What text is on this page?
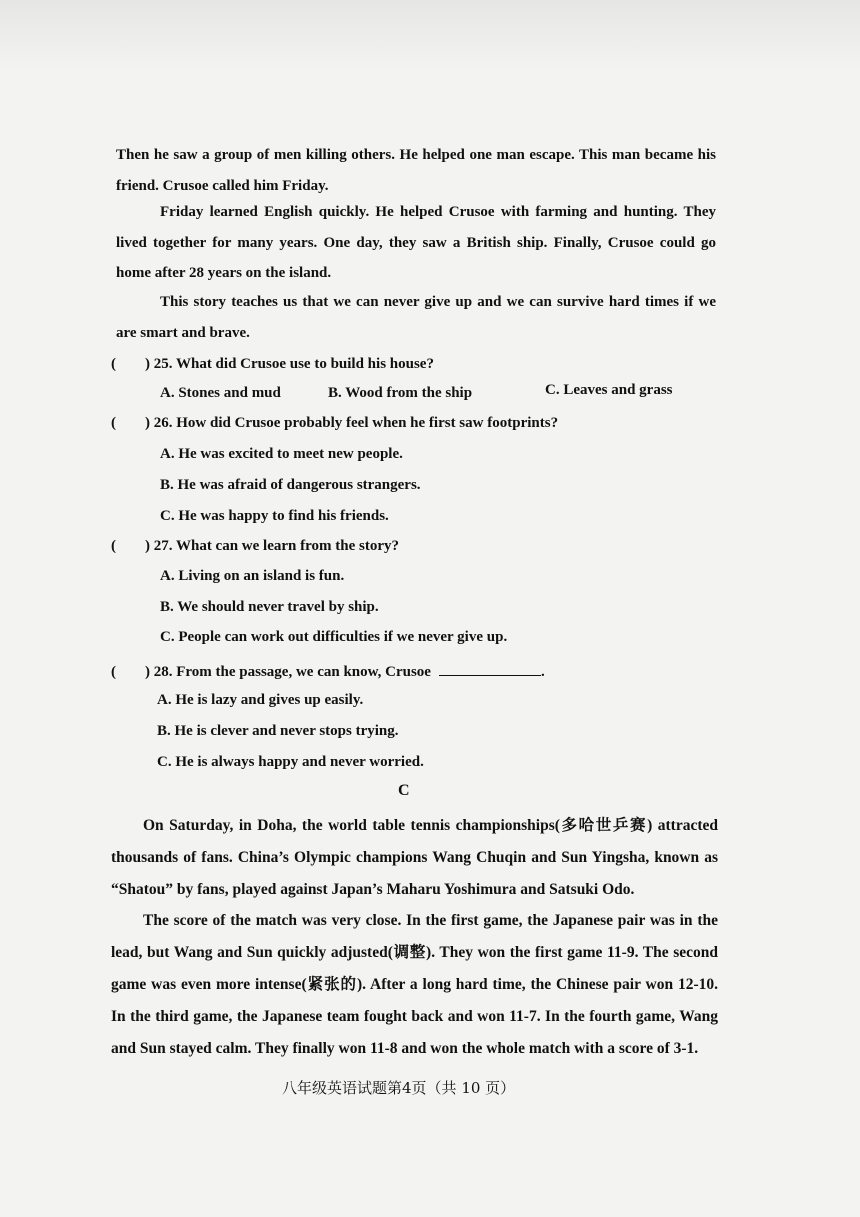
Then he saw a group of men killing others. He helped one man escape. This man became his friend. Crusoe called him Friday.

Friday learned English quickly. He helped Crusoe with farming and hunting. They lived together for many years. One day, they saw a British ship. Finally, Crusoe could go home after 28 years on the island.

This story teaches us that we can never give up and we can survive hard times if we are smart and brave.

( ) 25. What did Crusoe use to build his house?
A. Stones and mud	B. Wood from the ship	C. Leaves and grass
( ) 26. How did Crusoe probably feel when he first saw footprints?
A. He was excited to meet new people.
B. He was afraid of dangerous strangers.
C. He was happy to find his friends.
( ) 27. What can we learn from the story?
A. Living on an island is fun.
B. We should never travel by ship.
C. People can work out difficulties if we never give up.
( ) 28. From the passage, we can know, Crusoe	.
A. He is lazy and gives up easily.
B. He is clever and never stops trying.
C. He is always happy and never worried.
C

On Saturday, in Doha, the world table tennis championships(多哈世乒赛) attracted thousands of fans. China’s Olympic champions Wang Chuqin and Sun Yingsha, known as “Shatou” by fans, played against Japan’s Maharu Yoshimura and Satsuki Odo.

The score of the match was very close. In the first game, the Japanese pair was in the lead, but Wang and Sun quickly adjusted(调整). They won the first game 11-9. The second game was even more intense(紧张的). After a long hard time, the Chinese pair won 12-10. In the third game, the Japanese team fought back and won 11-7. In the fourth game, Wang and Sun stayed calm. They finally won 11-8 and won the whole match with a score of 3-1.

八年级英语试题第4页（共 10 页）
